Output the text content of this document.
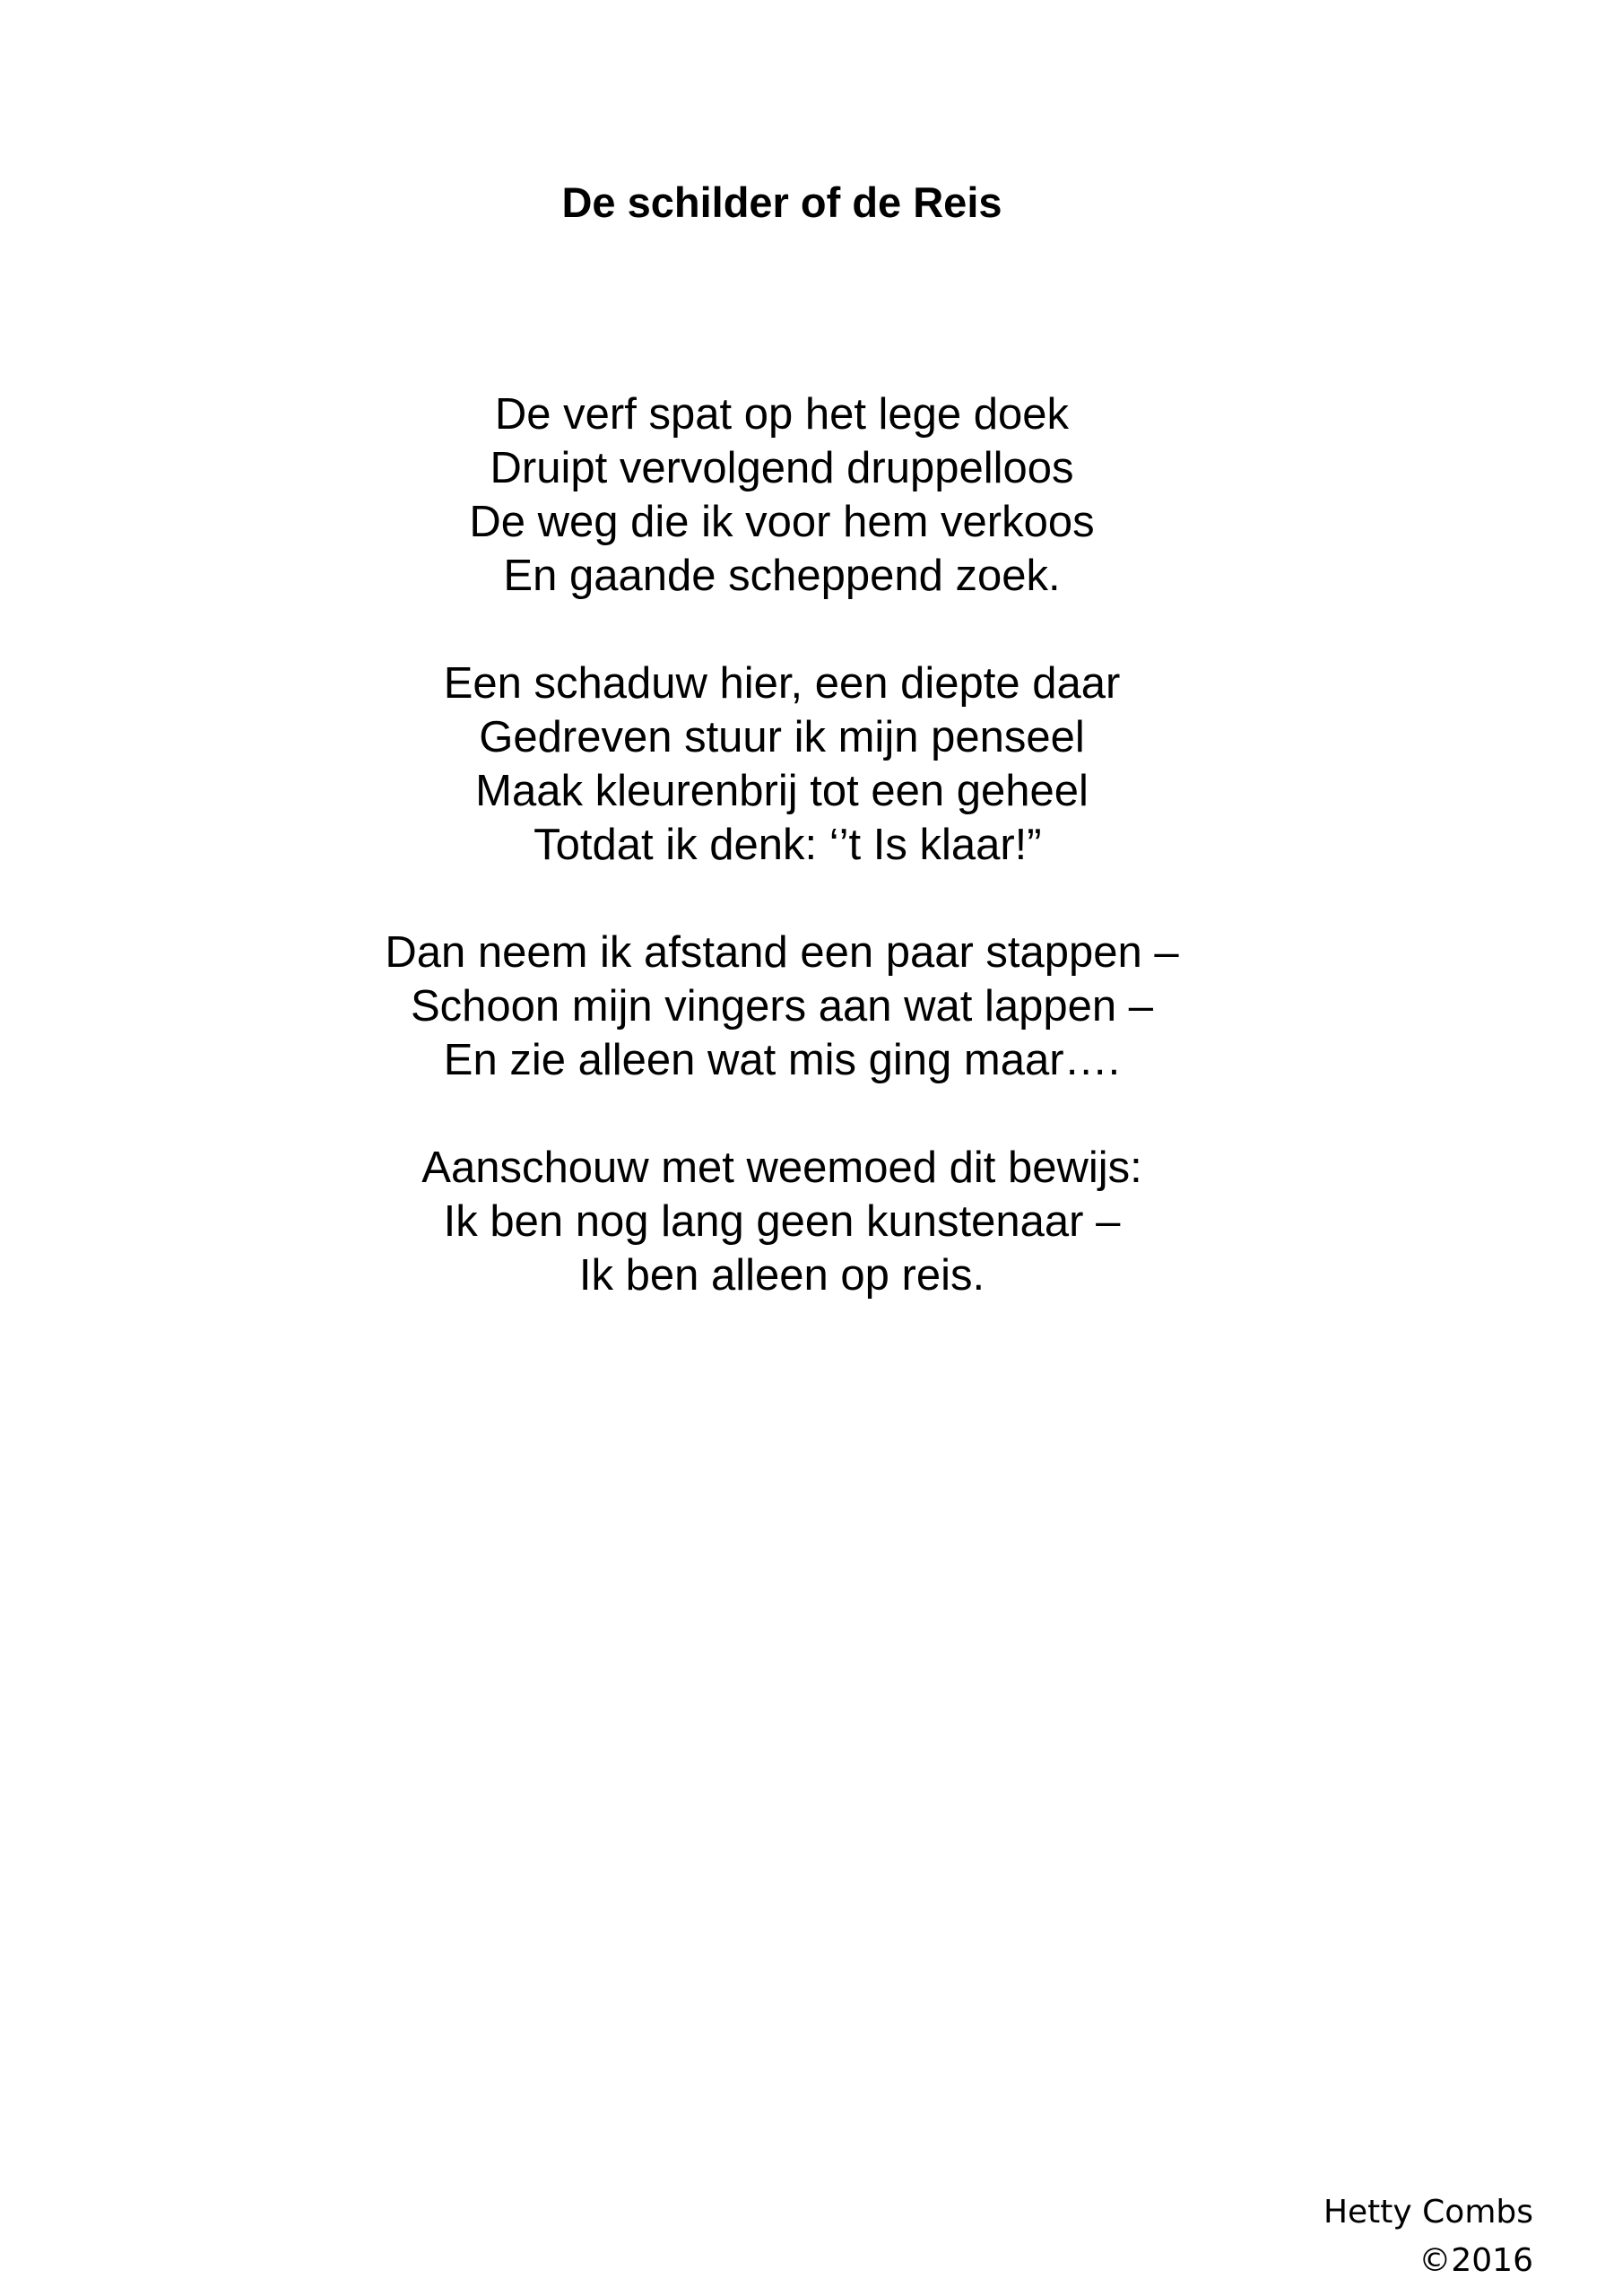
De schilder of de Reis

De verf spat op het lege doek
Druipt vervolgend druppelloos
De weg die ik voor hem verkoos
En gaande scheppend zoek.

Een schaduw hier, een diepte daar
Gedreven stuur ik mijn penseel
Maak kleurenbrij tot een geheel
Totdat ik denk: ‘’t Is klaar!”

Dan neem ik afstand een paar stappen –
Schoon mijn vingers aan wat lappen –
En zie alleen wat mis ging maar….

Aanschouw met weemoed dit bewijs:
Ik ben nog lang geen kunstenaar –
Ik ben alleen op reis.

Hetty Combs
©2016
